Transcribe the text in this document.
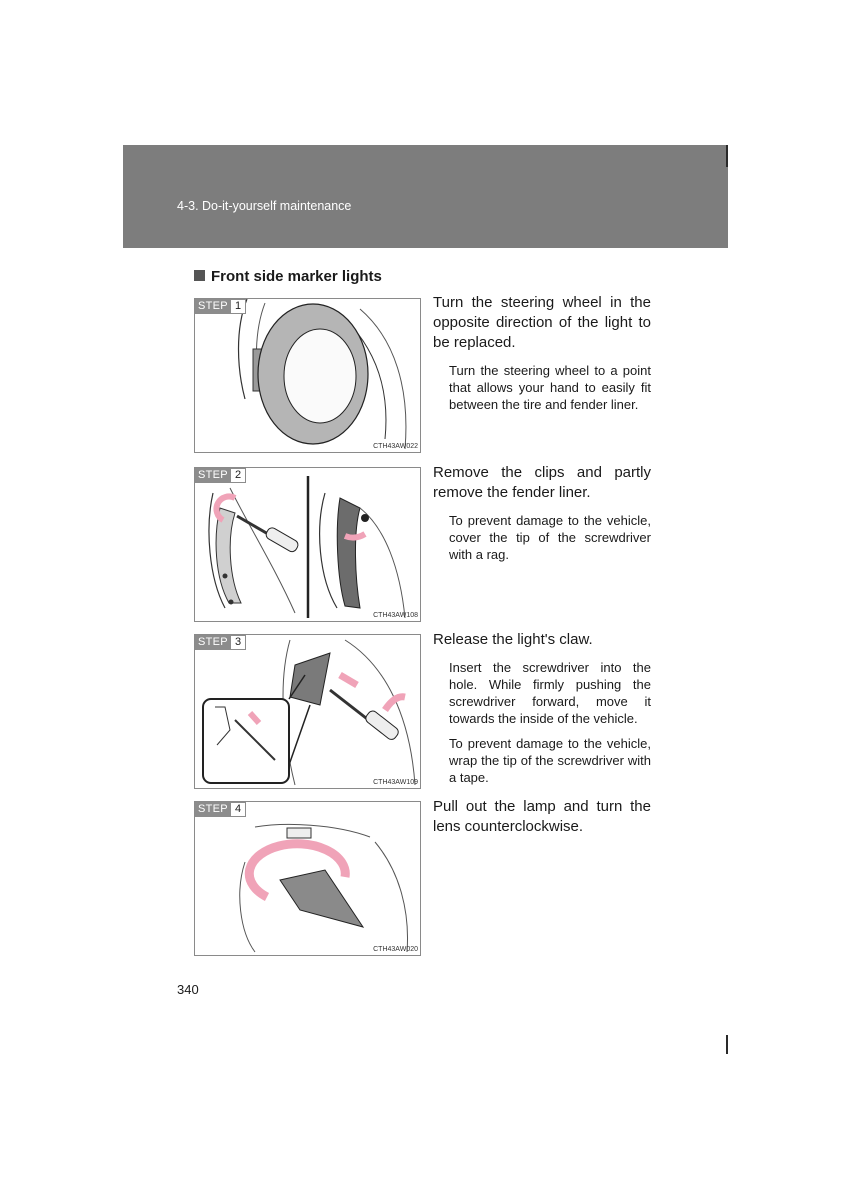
4-3. Do-it-yourself maintenance
Front side marker lights
STEP 1
CTH43AW022
Turn the steering wheel in the opposite direction of the light to be replaced.
Turn the steering wheel to a point that allows your hand to easily fit between the tire and fender liner.
STEP 2
CTH43AW108
Remove the clips and partly remove the fender liner.
To prevent damage to the vehicle, cover the tip of the screwdriver with a rag.
STEP 3
CTH43AW109
Release the light's claw.
Insert the screwdriver into the hole. While firmly pushing the screwdriver forward, move it towards the inside of the vehicle.
To prevent damage to the vehicle, wrap the tip of the screwdriver with a tape.
STEP 4
CTH43AW020
Pull out the lamp and turn the lens counterclockwise.
340
